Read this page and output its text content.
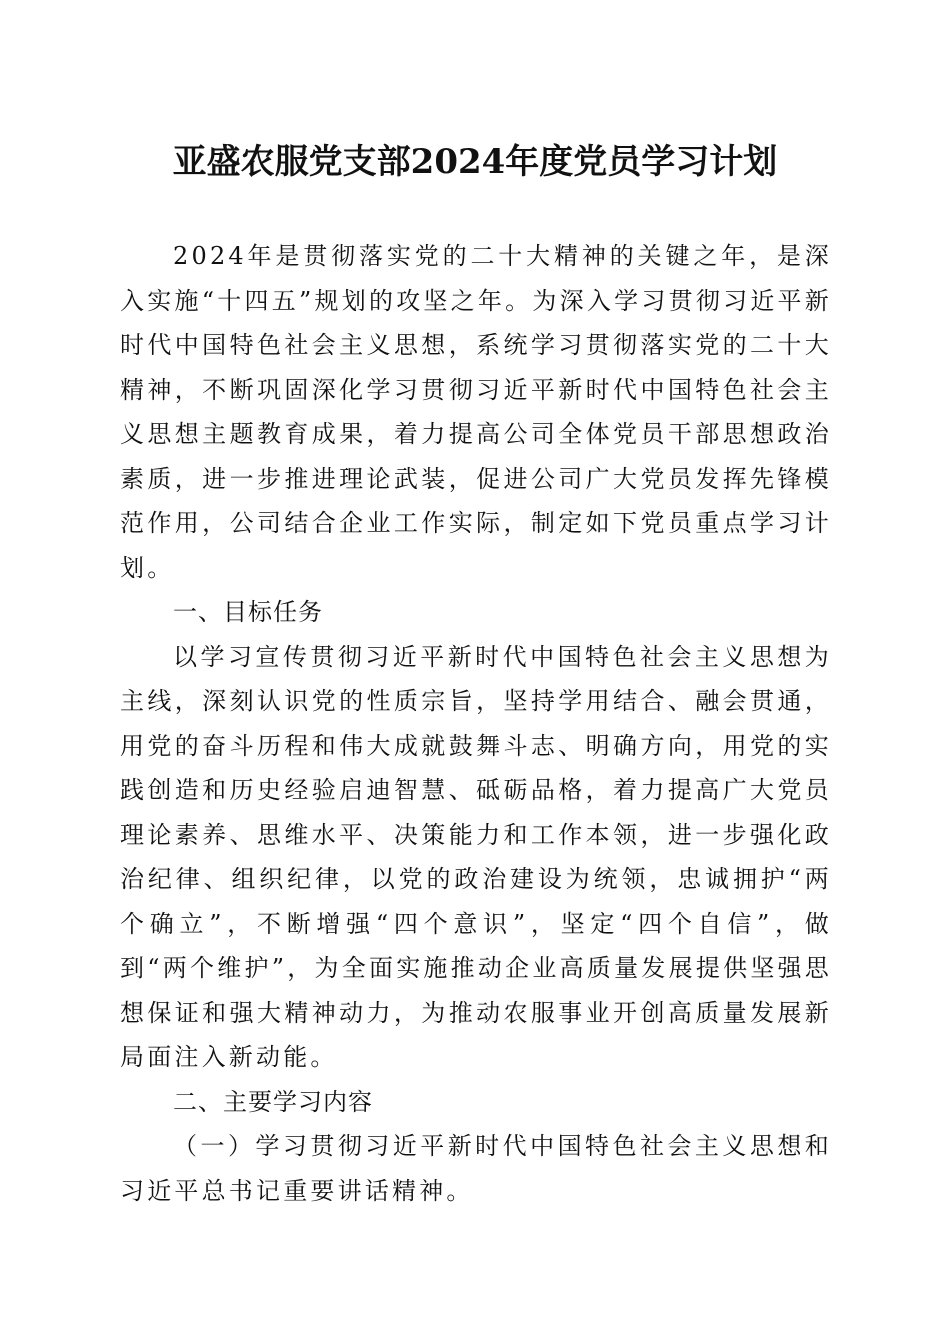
亚盛农服党支部2024年度党员学习计划

2024年是贯彻落实党的二十大精神的关键之年，是深入实施“十四五”规划的攻坚之年。为深入学习贯彻习近平新时代中国特色社会主义思想，系统学习贯彻落实党的二十大精神，不断巩固深化学习贯彻习近平新时代中国特色社会主义思想主题教育成果，着力提高公司全体党员干部思想政治素质，进一步推进理论武装，促进公司广大党员发挥先锋模范作用，公司结合企业工作实际，制定如下党员重点学习计划。

一、目标任务

以学习宣传贯彻习近平新时代中国特色社会主义思想为主线，深刻认识党的性质宗旨，坚持学用结合、融会贯通，用党的奋斗历程和伟大成就鼓舞斗志、明确方向，用党的实践创造和历史经验启迪智慧、砥砺品格，着力提高广大党员理论素养、思维水平、决策能力和工作本领，进一步强化政治纪律、组织纪律，以党的政治建设为统领，忠诚拥护“两个确立”，不断增强“四个意识”，坚定“四个自信”，做到“两个维护”，为全面实施推动企业高质量发展提供坚强思想保证和强大精神动力，为推动农服事业开创高质量发展新局面注入新动能。

二、主要学习内容

（一）学习贯彻习近平新时代中国特色社会主义思想和习近平总书记重要讲话精神。
